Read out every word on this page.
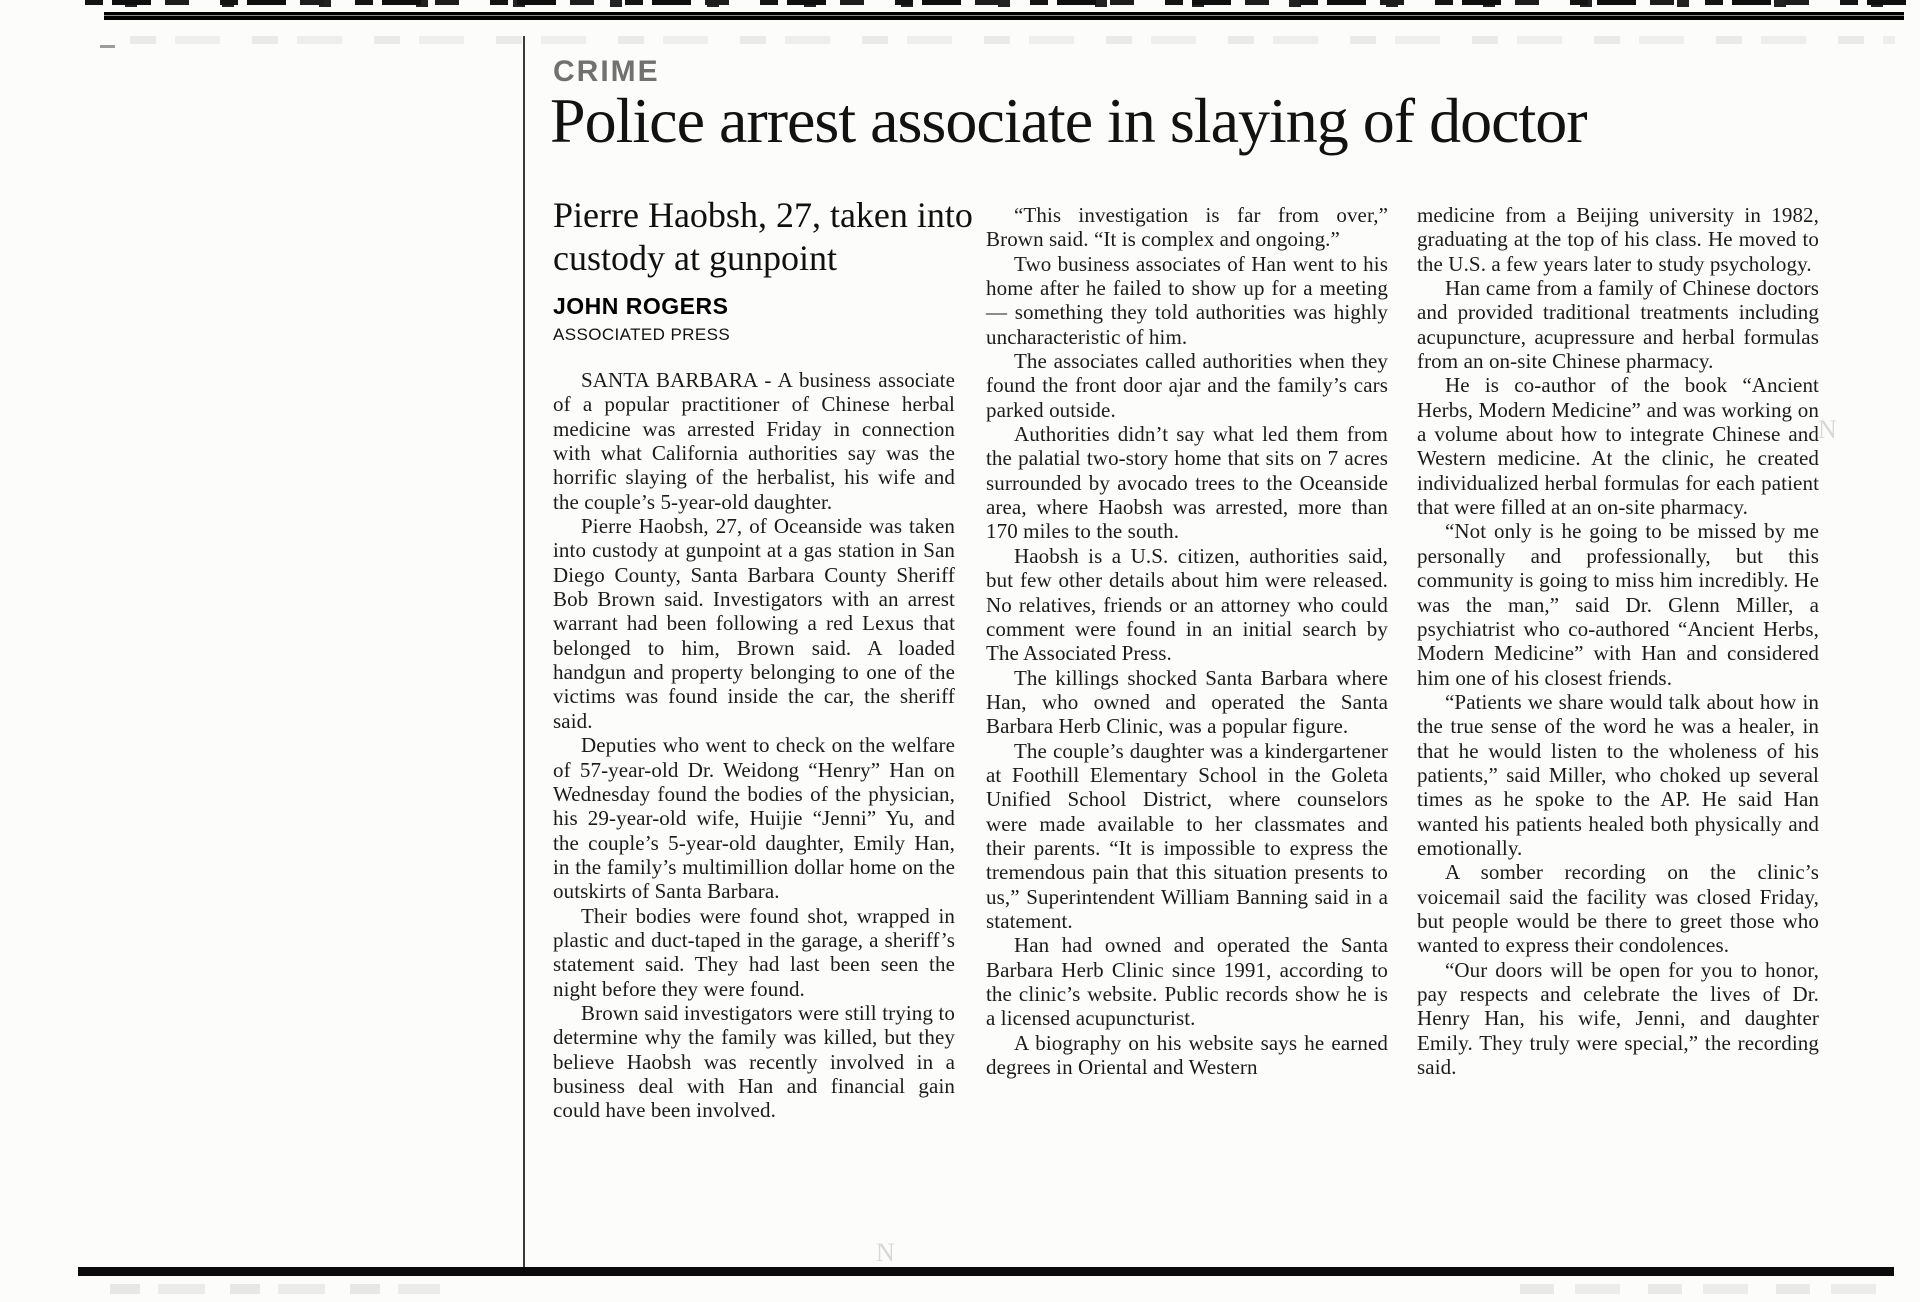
CRIME
Police arrest associate in slaying of doctor
Pierre Haobsh, 27, taken into custody at gunpoint
JOHN ROGERS
ASSOCIATED PRESS

SANTA BARBARA - A business associate of a popular practitioner of Chinese herbal medicine was arrested Friday in connection with what California authorities say was the horrific slaying of the herbalist, his wife and the couple’s 5-year-old daughter.

Pierre Haobsh, 27, of Oceanside was taken into custody at gunpoint at a gas station in San Diego County, Santa Barbara County Sheriff Bob Brown said. Investigators with an arrest warrant had been following a red Lexus that belonged to him, Brown said. A loaded handgun and property belonging to one of the victims was found inside the car, the sheriff said.

Deputies who went to check on the welfare of 57-year-old Dr. Weidong “Henry” Han on Wednesday found the bodies of the physician, his 29-year-old wife, Huijie “Jenni” Yu, and the couple’s 5-year-old daughter, Emily Han, in the family’s multimillion dollar home on the outskirts of Santa Barbara.

Their bodies were found shot, wrapped in plastic and duct-taped in the garage, a sheriff’s statement said. They had last been seen the night before they were found.

Brown said investigators were still trying to determine why the family was killed, but they believe Haobsh was recently involved in a business deal with Han and financial gain could have been involved.

“This investigation is far from over,” Brown said. “It is complex and ongoing.”

Two business associates of Han went to his home after he failed to show up for a meeting — something they told authorities was highly uncharacteristic of him.

The associates called authorities when they found the front door ajar and the family’s cars parked outside.

Authorities didn’t say what led them from the palatial two-story home that sits on 7 acres surrounded by avocado trees to the Oceanside area, where Haobsh was arrested, more than 170 miles to the south.

Haobsh is a U.S. citizen, authorities said, but few other details about him were released. No relatives, friends or an attorney who could comment were found in an initial search by The Associated Press.

The killings shocked Santa Barbara where Han, who owned and operated the Santa Barbara Herb Clinic, was a popular figure.

The couple’s daughter was a kindergartener at Foothill Elementary School in the Goleta Unified School District, where counselors were made available to her classmates and their parents. “It is impossible to express the tremendous pain that this situation presents to us,” Superintendent William Banning said in a statement.

Han had owned and operated the Santa Barbara Herb Clinic since 1991, according to the clinic’s website. Public records show he is a licensed acupuncturist.

A biography on his website says he earned degrees in Oriental and Western

medicine from a Beijing university in 1982, graduating at the top of his class. He moved to the U.S. a few years later to study psychology.

Han came from a family of Chinese doctors and provided traditional treatments including acupuncture, acupressure and herbal formulas from an on-site Chinese pharmacy.

He is co-author of the book “Ancient Herbs, Modern Medicine” and was working on a volume about how to integrate Chinese and Western medicine. At the clinic, he created individualized herbal formulas for each patient that were filled at an on-site pharmacy.

“Not only is he going to be missed by me personally and professionally, but this community is going to miss him incredibly. He was the man,” said Dr. Glenn Miller, a psychiatrist who co-authored “Ancient Herbs, Modern Medicine” with Han and considered him one of his closest friends.

“Patients we share would talk about how in the true sense of the word he was a healer, in that he would listen to the wholeness of his patients,” said Miller, who choked up several times as he spoke to the AP. He said Han wanted his patients healed both physically and emotionally.

A somber recording on the clinic’s voicemail said the facility was closed Friday, but people would be there to greet those who wanted to express their condolences.

“Our doors will be open for you to honor, pay respects and celebrate the lives of Dr. Henry Han, his wife, Jenni, and daughter Emily. They truly were special,” the recording said.

N
N
